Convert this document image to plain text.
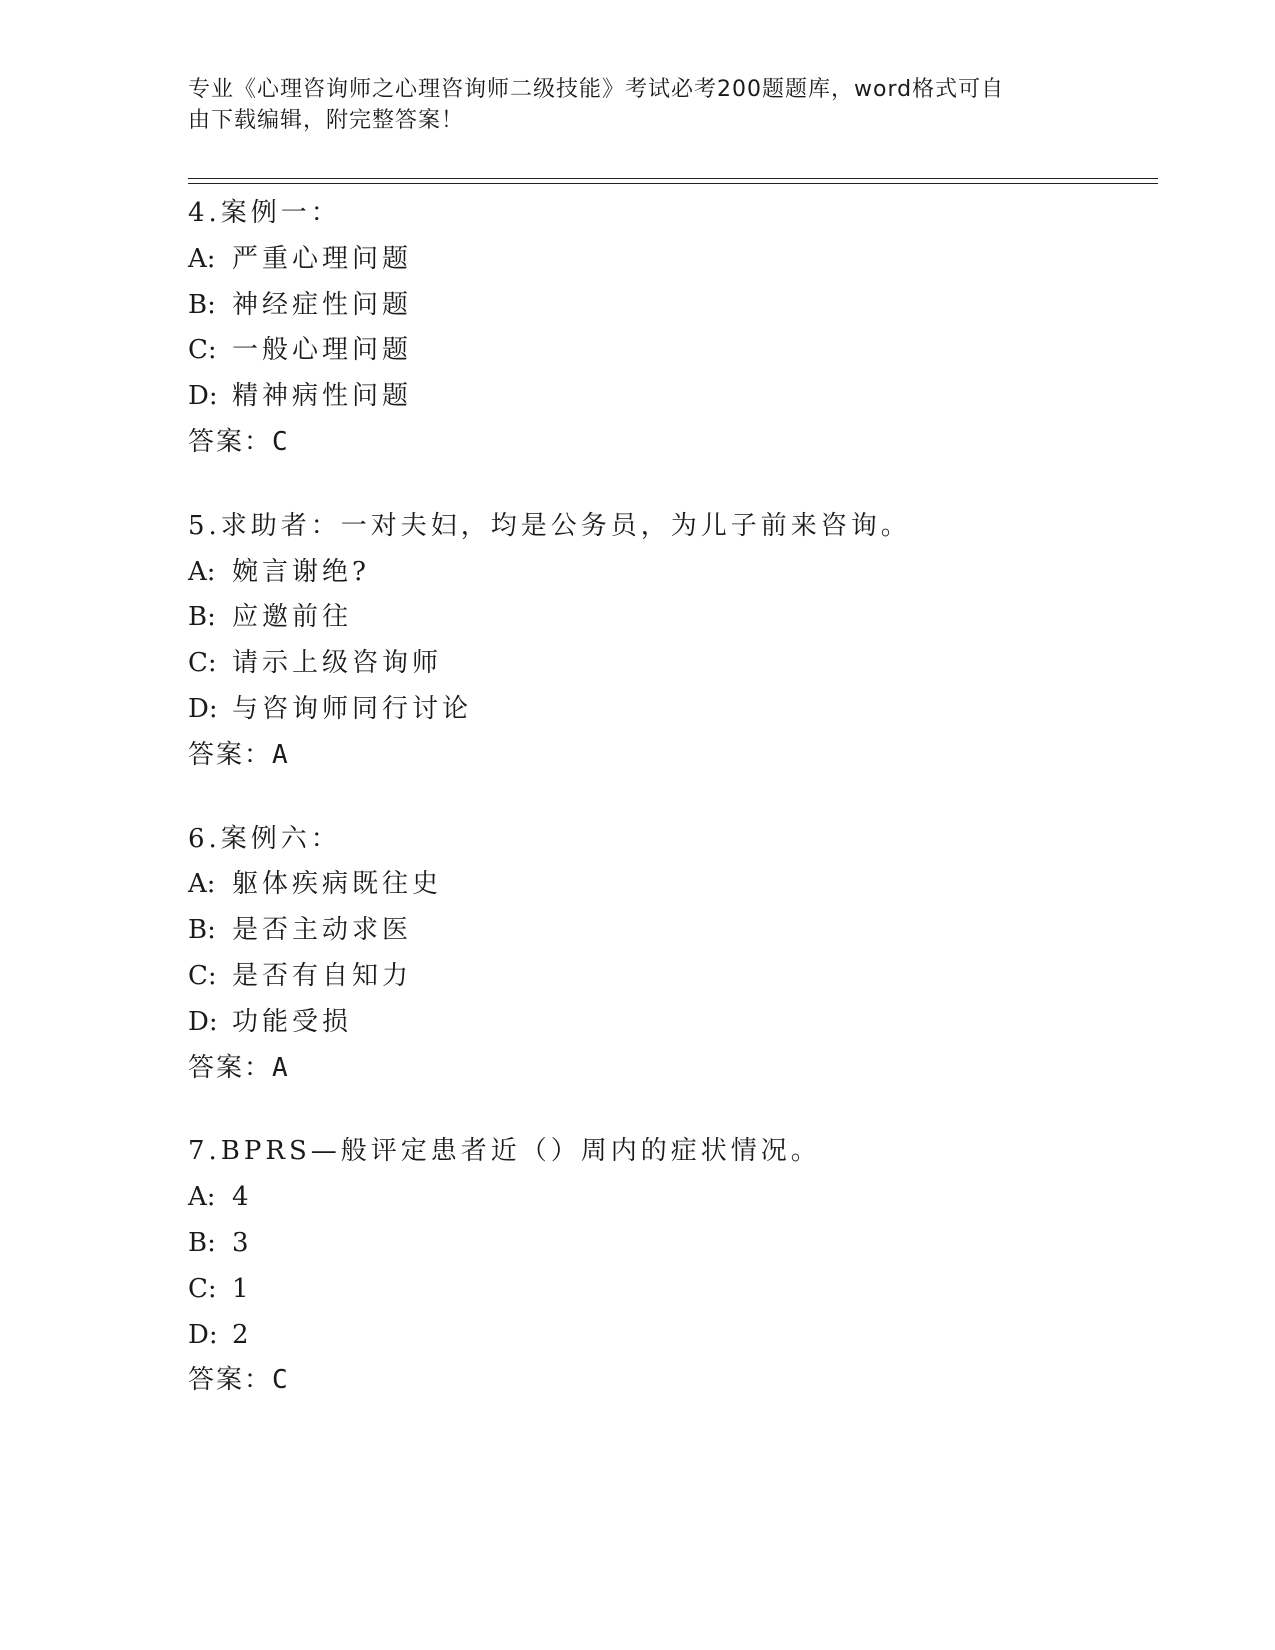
专业《心理咨询师之心理咨询师二级技能》考试必考200题题库，word格式可自
由下载编辑，附完整答案！
4.案例一：
A: 严重心理问题
B: 神经症性问题
C: 一般心理问题
D: 精神病性问题
答案：C
5.求助者：一对夫妇，均是公务员，为儿子前来咨询。
A: 婉言谢绝?
B: 应邀前往
C: 请示上级咨询师
D: 与咨询师同行讨论
答案：A
6.案例六：
A: 躯体疾病既往史
B: 是否主动求医
C: 是否有自知力
D: 功能受损
答案：A
7.BPRS—般评定患者近（）周内的症状情况。
A: 4
B: 3
C: 1
D: 2
答案：C
